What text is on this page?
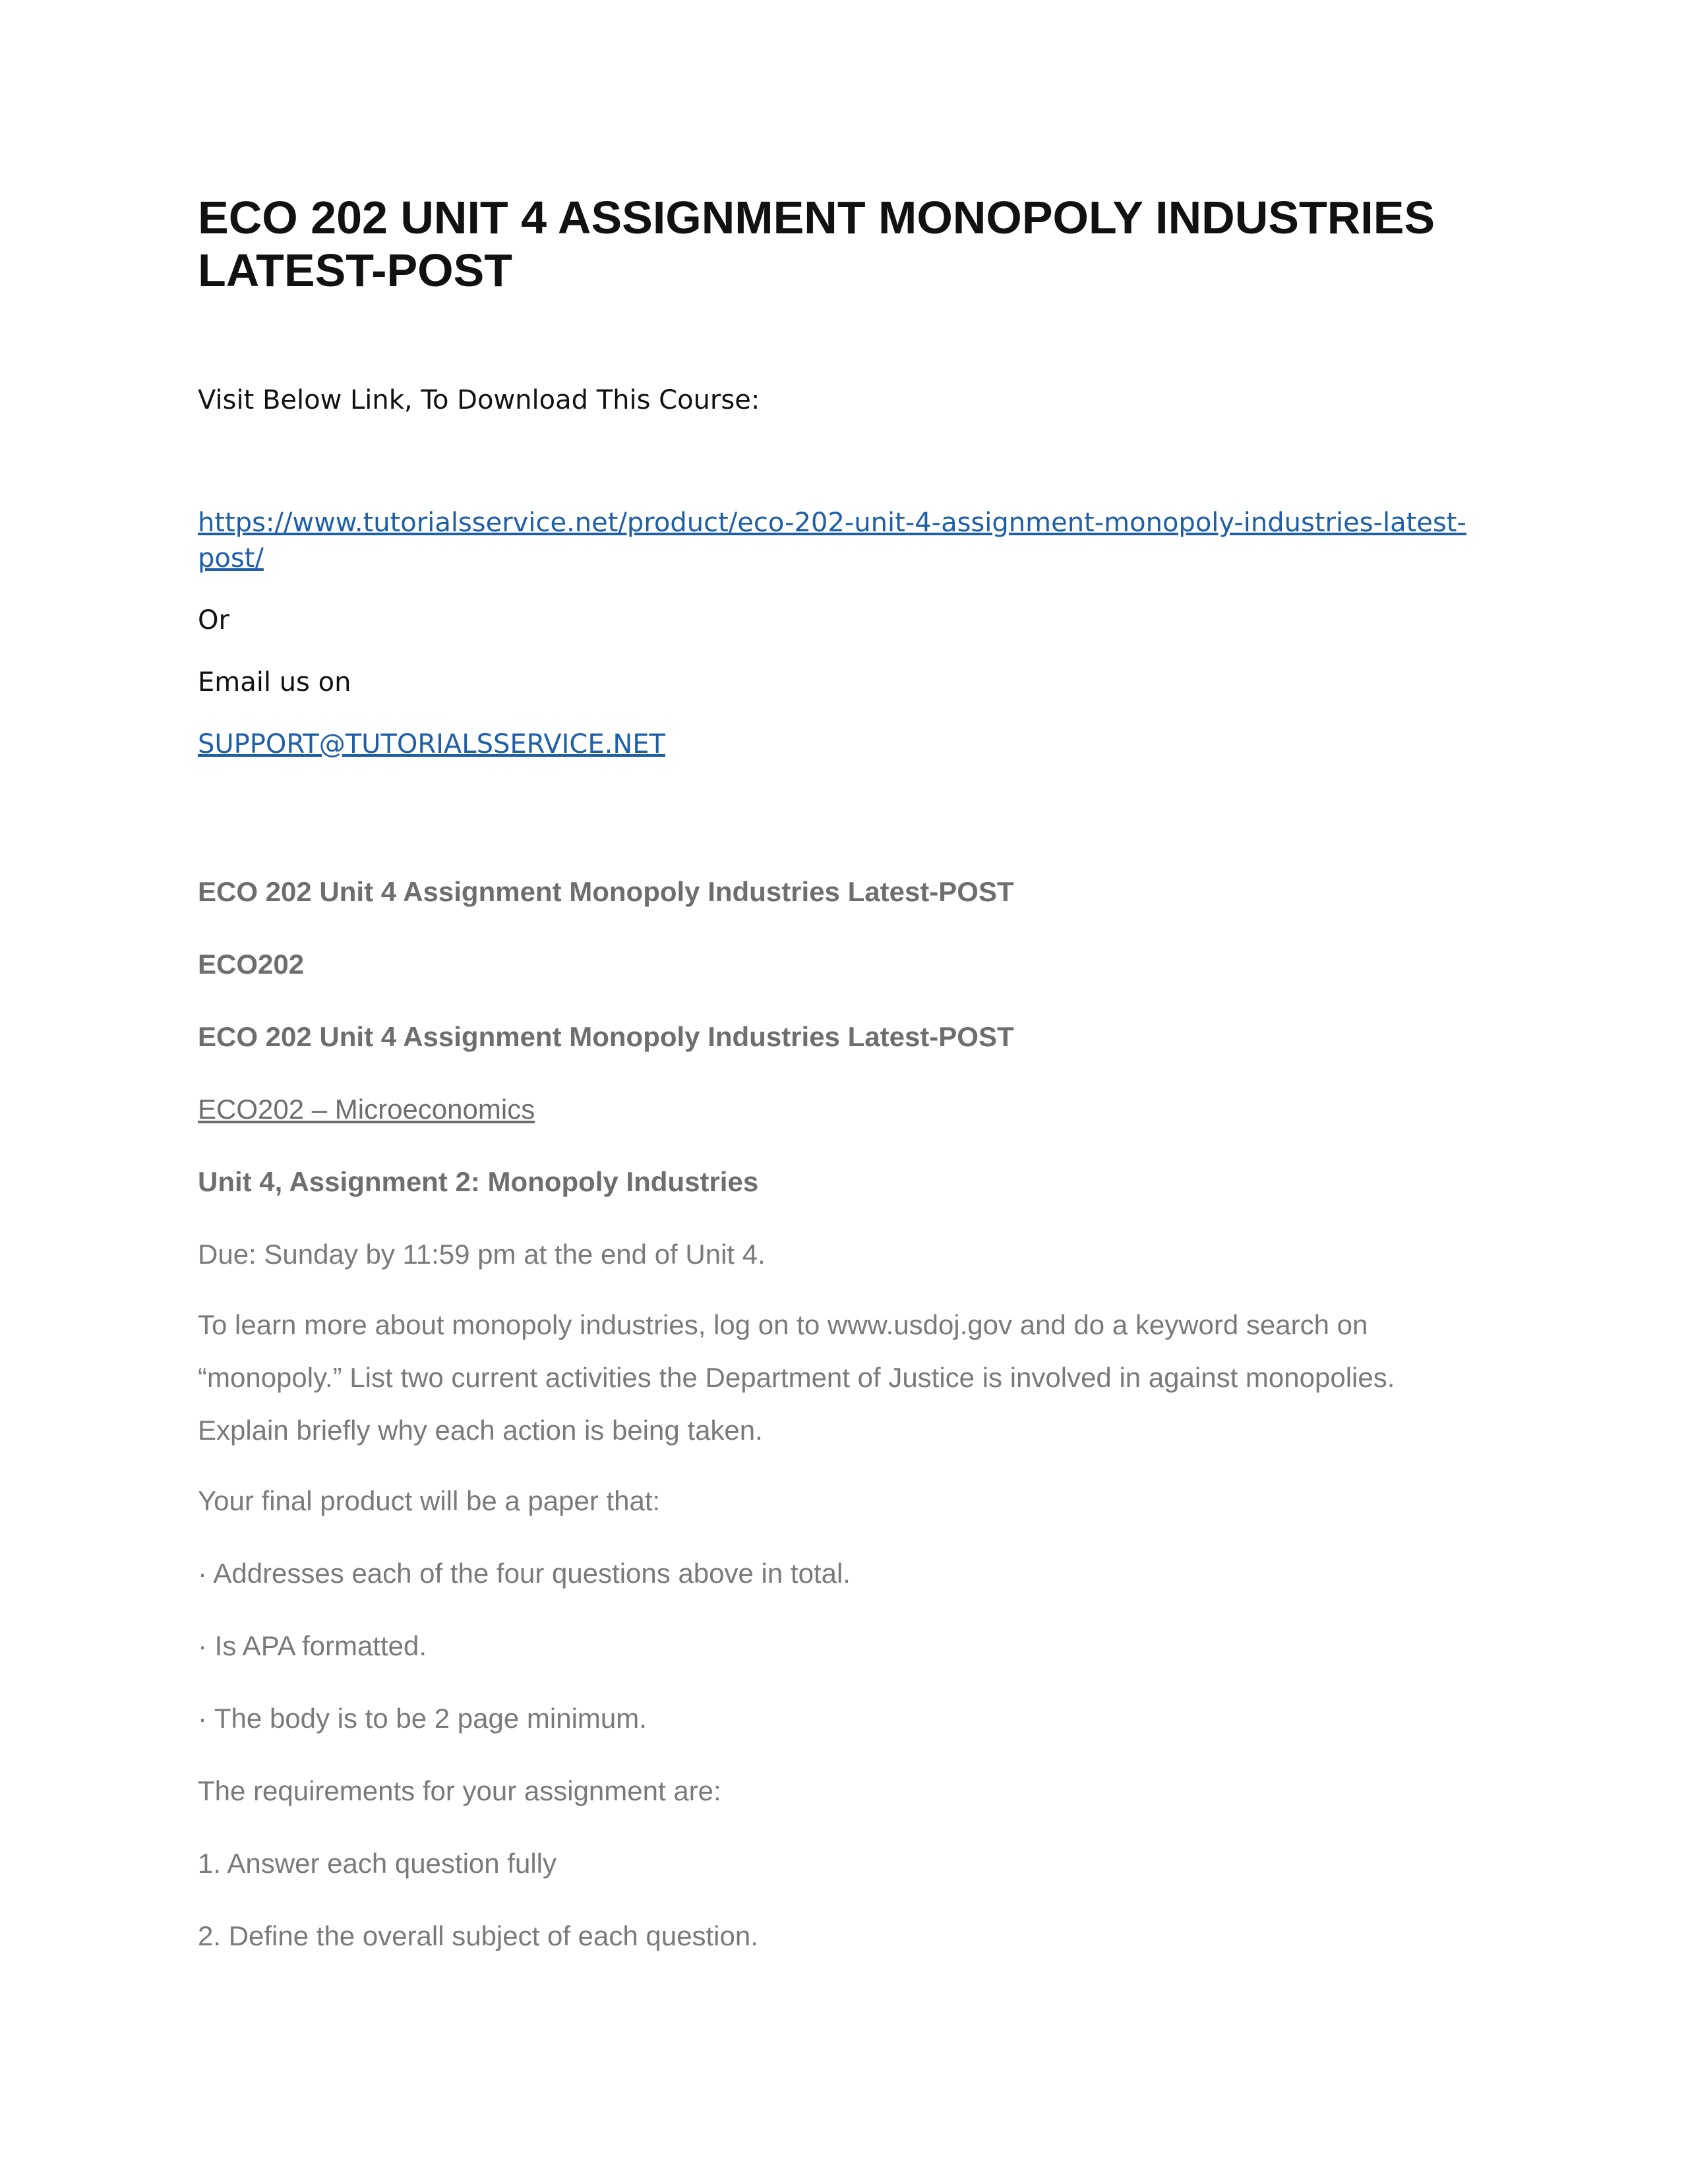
ECO 202 UNIT 4 ASSIGNMENT MONOPOLY INDUSTRIES LATEST-POST
Visit Below Link, To Download This Course:
https://www.tutorialsservice.net/product/eco-202-unit-4-assignment-monopoly-industries-latest-post/
Or
Email us on
SUPPORT@TUTORIALSSERVICE.NET
ECO 202 Unit 4 Assignment Monopoly Industries Latest-POST
ECO202
ECO 202 Unit 4 Assignment Monopoly Industries Latest-POST
ECO202 – Microeconomics
Unit 4, Assignment 2: Monopoly Industries
Due: Sunday by 11:59 pm at the end of Unit 4.
To learn more about monopoly industries, log on to www.usdoj.gov and do a keyword search on “monopoly.” List two current activities the Department of Justice is involved in against monopolies. Explain briefly why each action is being taken.
Your final product will be a paper that:
· Addresses each of the four questions above in total.
· Is APA formatted.
· The body is to be 2 page minimum.
The requirements for your assignment are:
1. Answer each question fully
2. Define the overall subject of each question.
